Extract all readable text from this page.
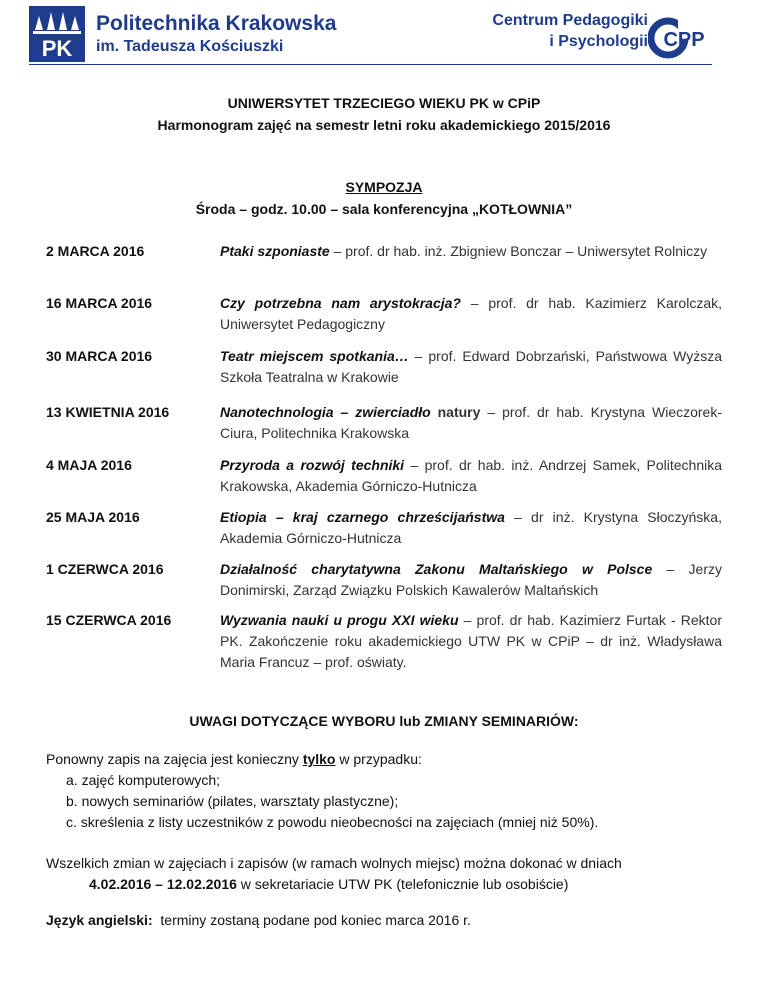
PK
Politechnika Krakowska
im. Tadeusza Kościuszki
Centrum Pedagogiki
i Psychologii CPP
UNIWERSYTET TRZECIEGO WIEKU PK w CPiP
Harmonogram zajęć na semestr letni roku akademickiego 2015/2016
SYMPOZJA
Środa – godz. 10.00 – sala konferencyjna „KOTŁOWNIA”
2 MARCA 2016	Ptaki szponiaste – prof. dr hab. inż. Zbigniew Bonczar – Uniwersytet Rolniczy
16 MARCA 2016	Czy potrzebna nam arystokracja? – prof. dr hab. Kazimierz Karolczak, Uniwersytet Pedagogiczny
30 MARCA 2016	Teatr miejscem spotkania… – prof. Edward Dobrzański, Państwowa Wyższa Szkoła Teatralna w Krakowie
13 KWIETNIA 2016	Nanotechnologia – zwierciadło natury – prof. dr hab. Krystyna Wieczorek-Ciura, Politechnika Krakowska
4 MAJA 2016	Przyroda a rozwój techniki – prof. dr hab. inż. Andrzej Samek, Politechnika Krakowska, Akademia Górniczo-Hutnicza
25 MAJA 2016	Etiopia – kraj czarnego chrześcijaństwa – dr inż. Krystyna Słoczyńska, Akademia Górniczo-Hutnicza
1 CZERWCA 2016	Działalność charytatywna Zakonu Maltańskiego w Polsce – Jerzy Donimirski, Zarząd Związku Polskich Kawalerów Maltańskich
15 CZERWCA 2016	Wyzwania nauki u progu XXI wieku – prof. dr hab. Kazimierz Furtak - Rektor PK. Zakończenie roku akademickiego UTW PK w CPiP – dr inż. Władysława Maria Francuz – prof. oświaty.
UWAGI DOTYCZĄCE WYBORU lub ZMIANY SEMINARIÓW:
Ponowny zapis na zajęcia jest konieczny tylko w przypadku:
a. zajęć komputerowych;
b. nowych seminariów (pilates, warsztaty plastyczne);
c. skreślenia z listy uczestników z powodu nieobecności na zajęciach (mniej niż 50%).
Wszelkich zmian w zajęciach i zapisów (w ramach wolnych miejsc) można dokonać w dniach
4.02.2016 – 12.02.2016 w sekretariacie UTW PK (telefonicznie lub osobiście)
Język angielski:  terminy zostaną podane pod koniec marca 2016 r.
